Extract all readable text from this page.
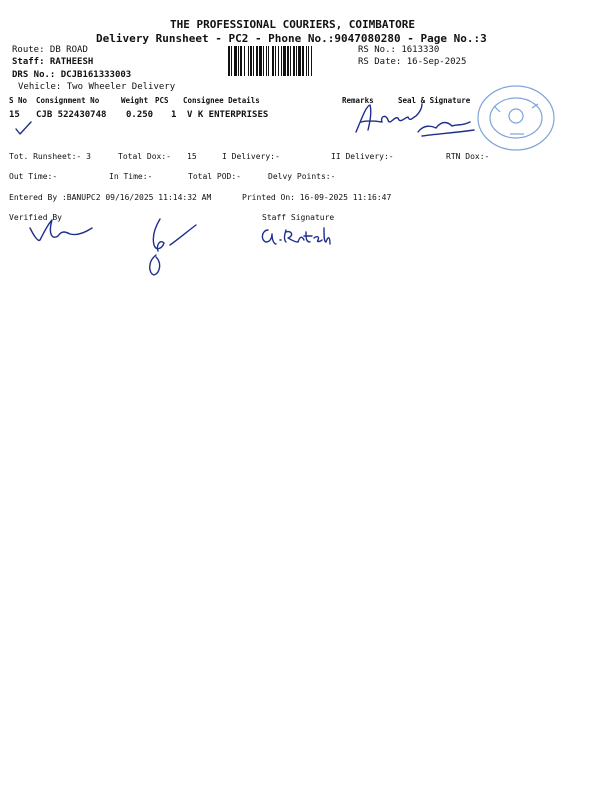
THE PROFESSIONAL COURIERS, COIMBATORE
Delivery Runsheet - PC2 - Phone No.:9047080280 - Page No.:3
Route: DB ROAD
Staff: RATHEESH
DRS No.: DCJB161333003
Vehicle: Two Wheeler Delivery
RS No.: 1613330
RS Date: 16-Sep-2025
S No Consignment No	Weight PCS Consignee Details	Remarks	Seal & Signature
15 CJB 522430748 0.250 1 V K ENTERPRISES
Tot. Runsheet:- 3	Total Dox:- 15	I Delivery:-	II Delivery:-	RTN Dox:-
Out Time:-	In Time:-	Total POD:-	Delvy Points:-
Entered By :BANUPC2 09/16/2025 11:14:32 AM	Printed On: 16-09-2025 11:16:47
Verified By	Staff Signature
